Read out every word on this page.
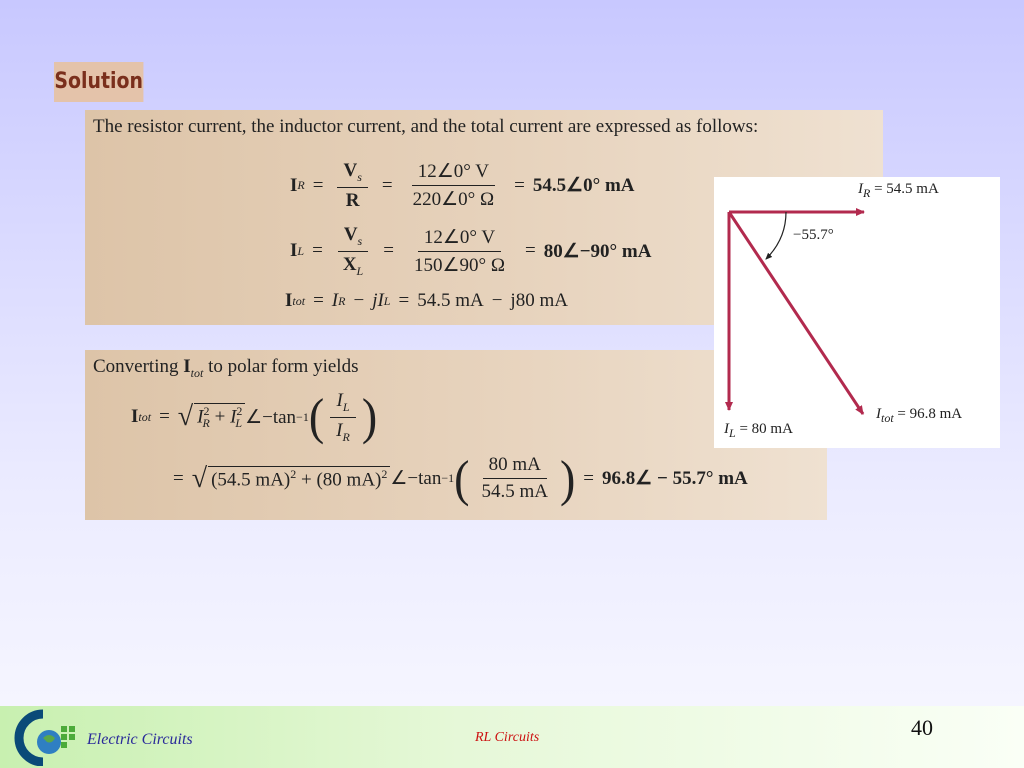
Solution
The resistor current, the inductor current, and the total current are expressed as follows:
I $R = \frac{V_s}{R} = \frac{12\angle 0^\circ V}{220\angle 0^\circ \Omega}$ = 54.5∠0° mA
I $L = \frac{V_s}{X_L} = \frac{12\angle 0^\circ V}{150\angle 90^\circ \Omega}$ = 80∠−90° mA
I tot = I R − jI L = 54.5 mA − j80 mA
Converting $I_{tot}$ to polar form yields
I tot = √ $I^2_R + I^2_L$ ∠−tan −1 ( $\frac{I_L}{I_R}$ )
= √ (54.5 mA)$^2$ + (80 mA)$^2$ ∠−tan −1 ( $\frac{80 mA}{54.5 mA}$ ) = 96.8∠ − 55.7° mA
$I_R = 54.5$ mA
−55.7°
$I_L = 80$ mA
$I_{tot} = 96.8$ mA
Electric Circuits	RL Circuits	40
